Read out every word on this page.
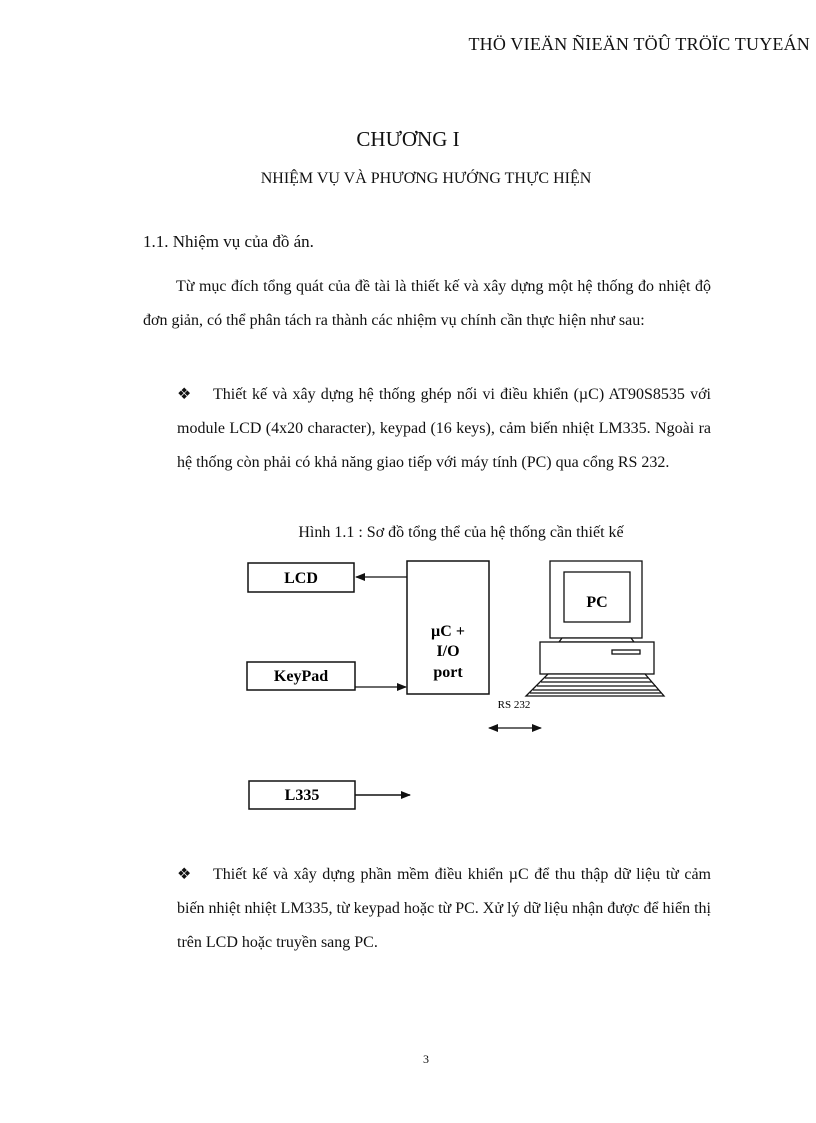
THÖ VIEÄN ÑIEÄN TÖÛ TRÖÏC TUYEÁN
CHƯƠNG I
NHIỆM VỤ VÀ PHƯƠNG HƯỚNG THỰC HIỆN
1.1. Nhiệm vụ của đồ án.
Từ mục đích tổng quát của đề tài là thiết kế và xây dựng một hệ thống đo nhiệt độ đơn giản, có thể phân tách ra thành các nhiệm vụ chính cần thực hiện như sau:
❖ Thiết kế và xây dựng hệ thống ghép nối vi điều khiển (µC) AT90S8535 với module LCD (4x20 character), keypad (16 keys), cảm biến nhiệt LM335. Ngoài ra hệ thống còn phải có khả năng giao tiếp với máy tính (PC) qua cổng RS 232.
Hình 1.1 : Sơ đồ tổng thể của hệ thống cần thiết kế
LCD
KeyPad
L335
µC +
I/O
port
RS 232
PC
❖ Thiết kế và xây dựng phần mềm điều khiển µC để thu thập dữ liệu từ cảm biến nhiệt nhiệt LM335, từ keypad hoặc từ PC. Xử lý dữ liệu nhận được để hiển thị trên LCD hoặc truyền sang PC.
3
